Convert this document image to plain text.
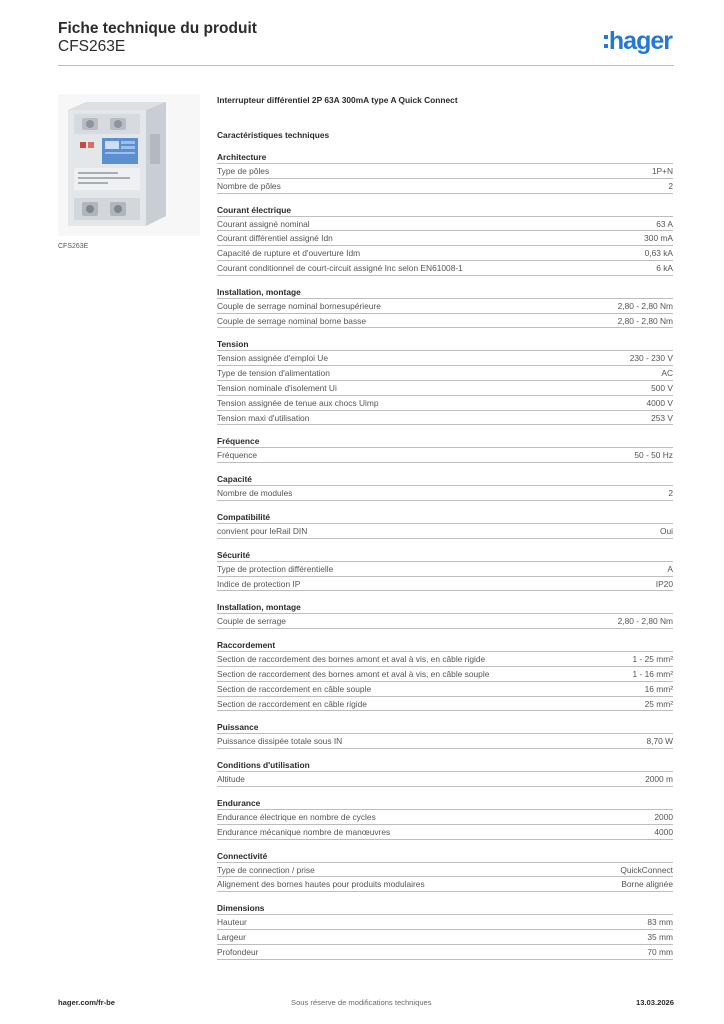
Fiche technique du produit
CFS263E	hager
CFS263E
Interrupteur différentiel 2P 63A 300mA type A Quick Connect
Caractéristiques techniques
Architecture
Type de pôles	1P+N
Nombre de pôles	2
Courant électrique
Courant assigné nominal	63 A
Courant différentiel assigné Idn	300 mA
Capacité de rupture et d'ouverture Idm	0,63 kA
Courant conditionnel de court-circuit assigné Inc selon EN61008-1	6 kA
Installation, montage
Couple de serrage nominal bornesupérieure	2,80 - 2,80 Nm
Couple de serrage nominal borne basse	2,80 - 2,80 Nm
Tension
Tension assignée d'emploi Ue	230 - 230 V
Type de tension d'alimentation	AC
Tension nominale d'isolement Ui	500 V
Tension assignée de tenue aux chocs Uimp	4000 V
Tension maxi d'utilisation	253 V
Fréquence
Fréquence	50 - 50 Hz
Capacité
Nombre de modules	2
Compatibilité
convient pour leRail DIN	Oui
Sécurité
Type de protection différentielle	A
Indice de protection IP	IP20
Installation, montage
Couple de serrage	2,80 - 2,80 Nm
Raccordement
Section de raccordement des bornes amont et aval à vis, en câble rigide	1 - 25 mm²
Section de raccordement des bornes amont et aval à vis, en câble souple	1 - 16 mm²
Section de raccordement en câble souple	16 mm²
Section de raccordement en câble rigide	25 mm²
Puissance
Puissance dissipée totale sous IN	8,70 W
Conditions d'utilisation
Altitude	2000 m
Endurance
Endurance électrique en nombre de cycles	2000
Endurance mécanique nombre de manœuvres	4000
Connectivité
Type de connection / prise	QuickConnect
Alignement des bornes hautes pour produits modulaires	Borne alignée
Dimensions
Hauteur	83 mm
Largeur	35 mm
Profondeur	70 mm
hager.com/fr-be	Sous réserve de modifications techniques	13.03.2026
